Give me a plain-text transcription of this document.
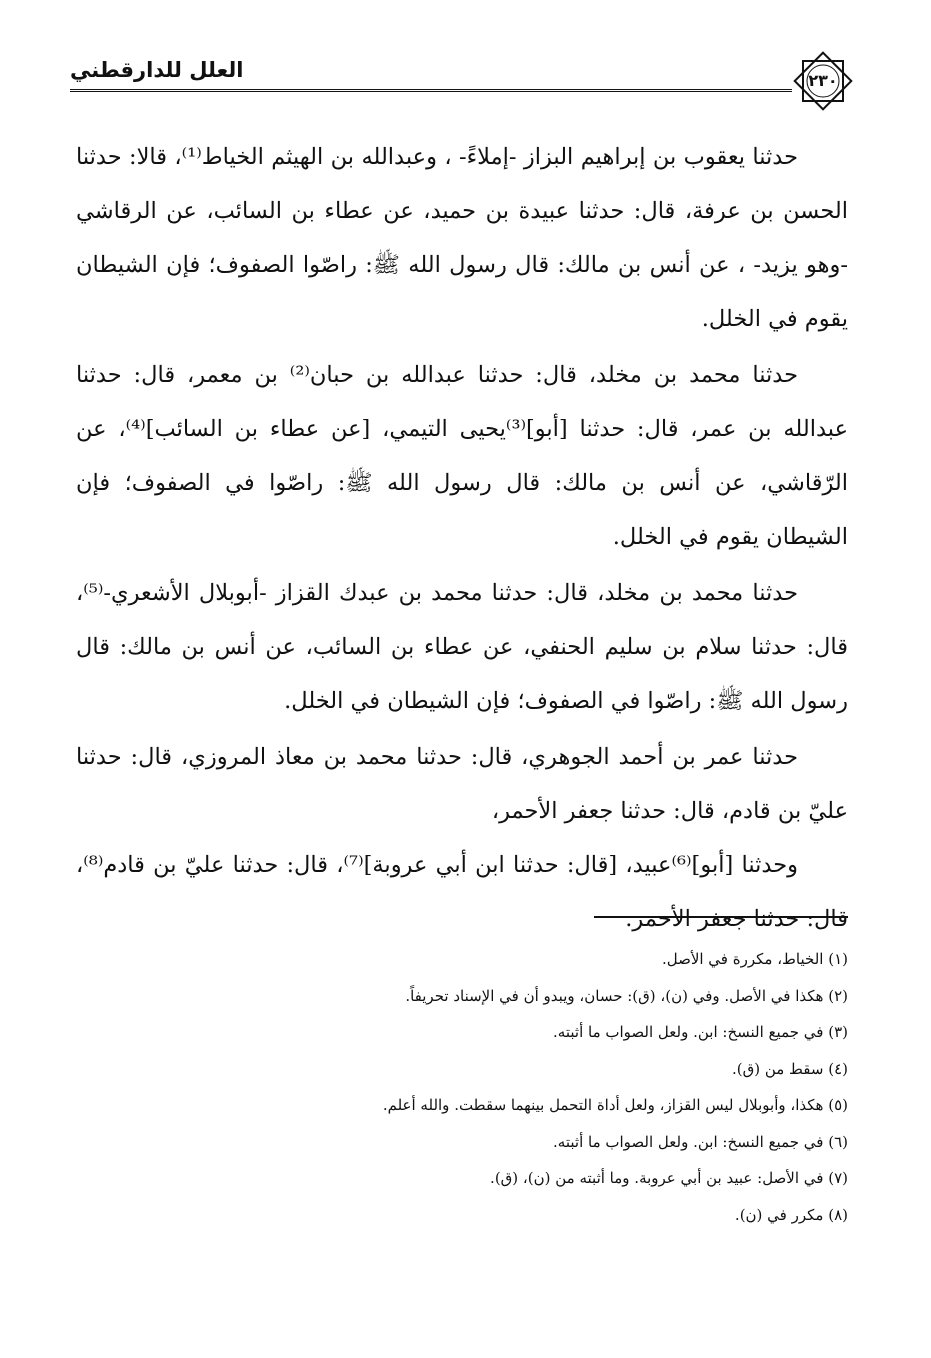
٢٣٠
العلل للدارقطني

حدثنا يعقوب بن إبراهيم البزاز -إملاءً- ، وعبدالله بن الهيثم الخياط⁽¹⁾، قالا: حدثنا الحسن بن عرفة، قال: حدثنا عبيدة بن حميد، عن عطاء بن السائب، عن الرقاشي -وهو يزيد- ، عن أنس بن مالك: قال رسول الله ﷺ: راصّوا الصفوف؛ فإن الشيطان يقوم في الخلل.

حدثنا محمد بن مخلد، قال: حدثنا عبدالله بن حبان⁽²⁾ بن معمر، قال: حدثنا عبدالله بن عمر، قال: حدثنا [أبو]⁽³⁾يحيى التيمي، [عن عطاء بن السائب]⁽⁴⁾، عن الرّقاشي، عن أنس بن مالك: قال رسول الله ﷺ: راصّوا في الصفوف؛ فإن الشيطان يقوم في الخلل.

حدثنا محمد بن مخلد، قال: حدثنا محمد بن عبدك القزاز -أبوبلال الأشعري-⁽⁵⁾، قال: حدثنا سلام بن سليم الحنفي، عن عطاء بن السائب، عن أنس بن مالك: قال رسول الله ﷺ: راصّوا في الصفوف؛ فإن الشيطان في الخلل.

حدثنا عمر بن أحمد الجوهري، قال: حدثنا محمد بن معاذ المروزي، قال: حدثنا عليّ بن قادم، قال: حدثنا جعفر الأحمر،

وحدثنا [أبو]⁽⁶⁾عبيد، [قال: حدثنا ابن أبي عروبة]⁽⁷⁾، قال: حدثنا عليّ بن قادم⁽⁸⁾، قال: حدثنا جعفر الأحمر.

(١) الخياط، مكررة في الأصل.

(٢) هكذا في الأصل. وفي (ن)، (ق): حسان، ويبدو أن في الإسناد تحريفاً.

(٣) في جميع النسخ: ابن. ولعل الصواب ما أثبته.

(٤) سقط من (ق).

(٥) هكذا، وأبوبلال ليس القزاز، ولعل أداة التحمل بينهما سقطت. والله أعلم.

(٦) في جميع النسخ: ابن. ولعل الصواب ما أثبته.

(٧) في الأصل: عبيد بن أبي عروبة. وما أثبته من (ن)، (ق).

(٨) مكرر في (ن).
